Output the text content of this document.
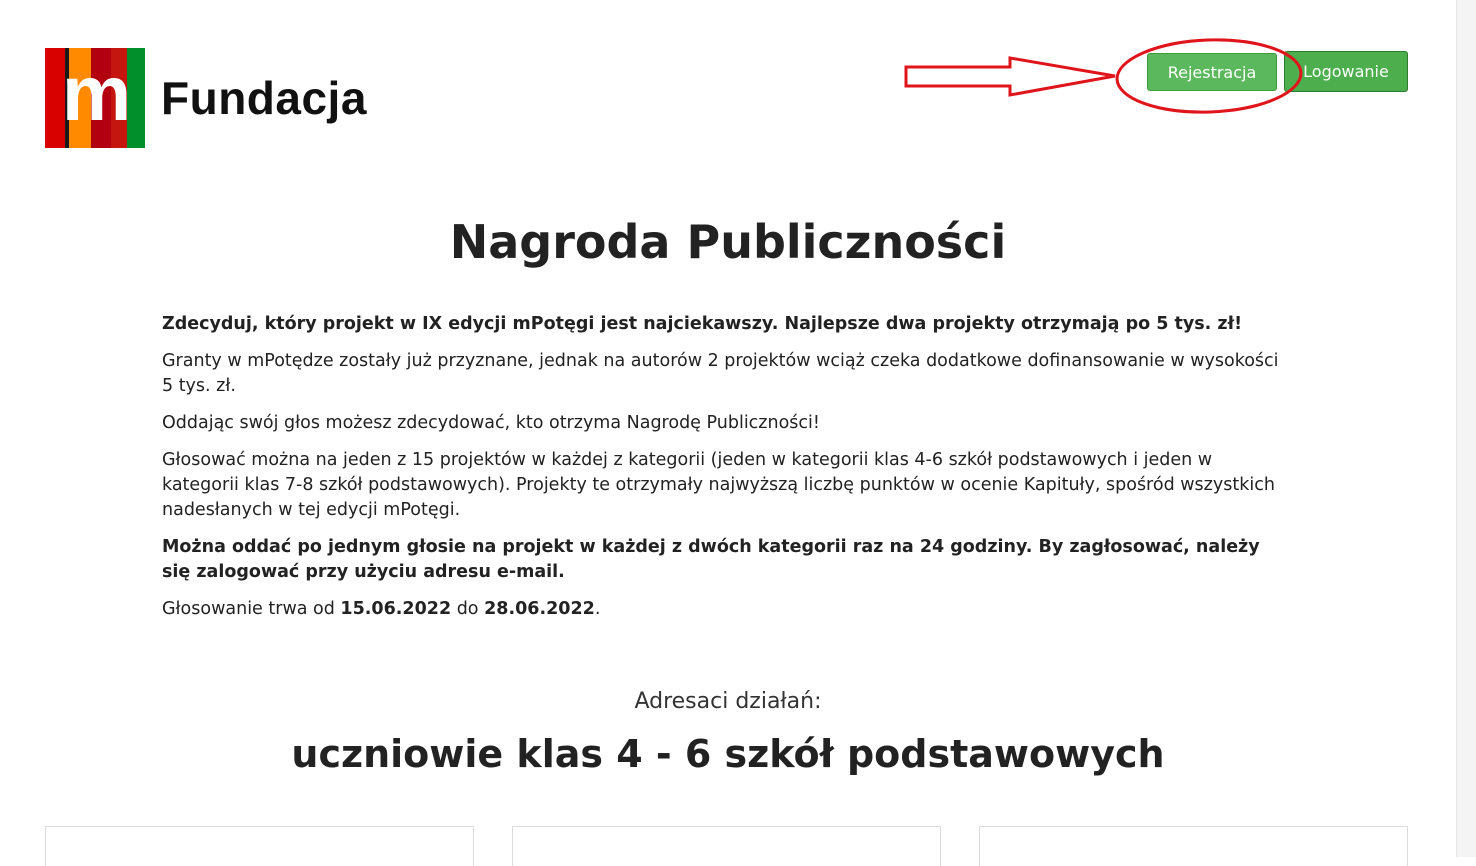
m Fundacja	Rejestracja	Logowanie
Nagroda Publiczności

Zdecyduj, który projekt w IX edycji mPotęgi jest najciekawszy. Najlepsze dwa projekty otrzymają po 5 tys. zł!

Granty w mPotędze zostały już przyznane, jednak na autorów 2 projektów wciąż czeka dodatkowe dofinansowanie w wysokości 5 tys. zł.

Oddając swój głos możesz zdecydować, kto otrzyma Nagrodę Publiczności!

Głosować można na jeden z 15 projektów w każdej z kategorii (jeden w kategorii klas 4-6 szkół podstawowych i jeden w kategorii klas 7-8 szkół podstawowych). Projekty te otrzymały najwyższą liczbę punktów w ocenie Kapituły, spośród wszystkich nadesłanych w tej edycji mPotęgi.

Można oddać po jednym głosie na projekt w każdej z dwóch kategorii raz na 24 godziny. By zagłosować, należy się zalogować przy użyciu adresu e-mail.

Głosowanie trwa od 15.06.2022 do 28.06.2022.

Adresaci działań:
uczniowie klas 4 - 6 szkół podstawowych
